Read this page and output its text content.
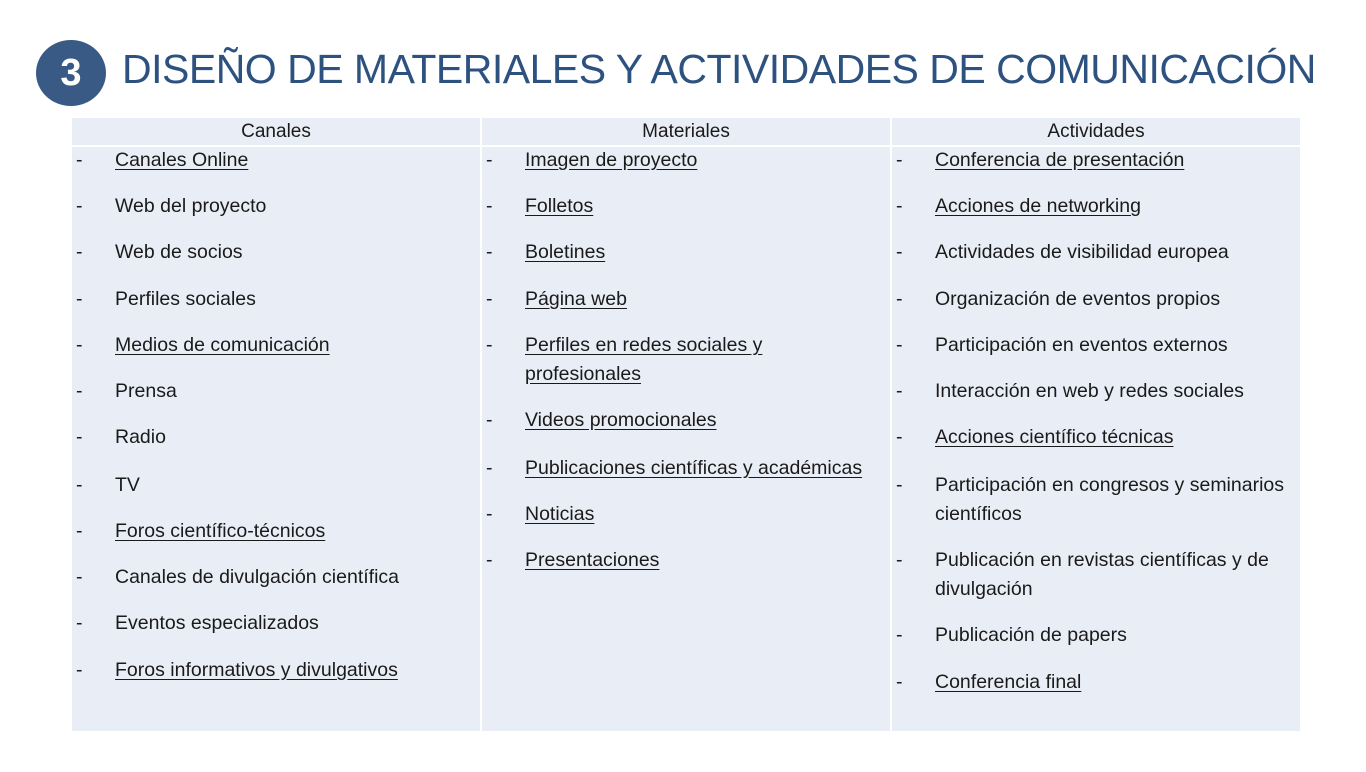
3 DISEÑO DE MATERIALES Y ACTIVIDADES DE COMUNICACIÓN
Canales
- Canales Online
- Web del proyecto
- Web de socios
- Perfiles sociales
- Medios de comunicación
- Prensa
- Radio
- TV
- Foros científico-técnicos
- Canales de divulgación científica
- Eventos especializados
- Foros informativos y divulgativos
Materiales
- Imagen de proyecto
- Folletos
- Boletines
- Página web
- Perfiles en redes sociales y profesionales
- Videos promocionales
- Publicaciones científicas y académicas
- Noticias
- Presentaciones
Actividades
- Conferencia de presentación
- Acciones de networking
- Actividades de visibilidad europea
- Organización de eventos propios
- Participación en eventos externos
- Interacción en web y redes sociales
- Acciones científico técnicas
- Participación en congresos y seminarios científicos
- Publicación en revistas científicas y de divulgación
- Publicación de papers
- Conferencia final
